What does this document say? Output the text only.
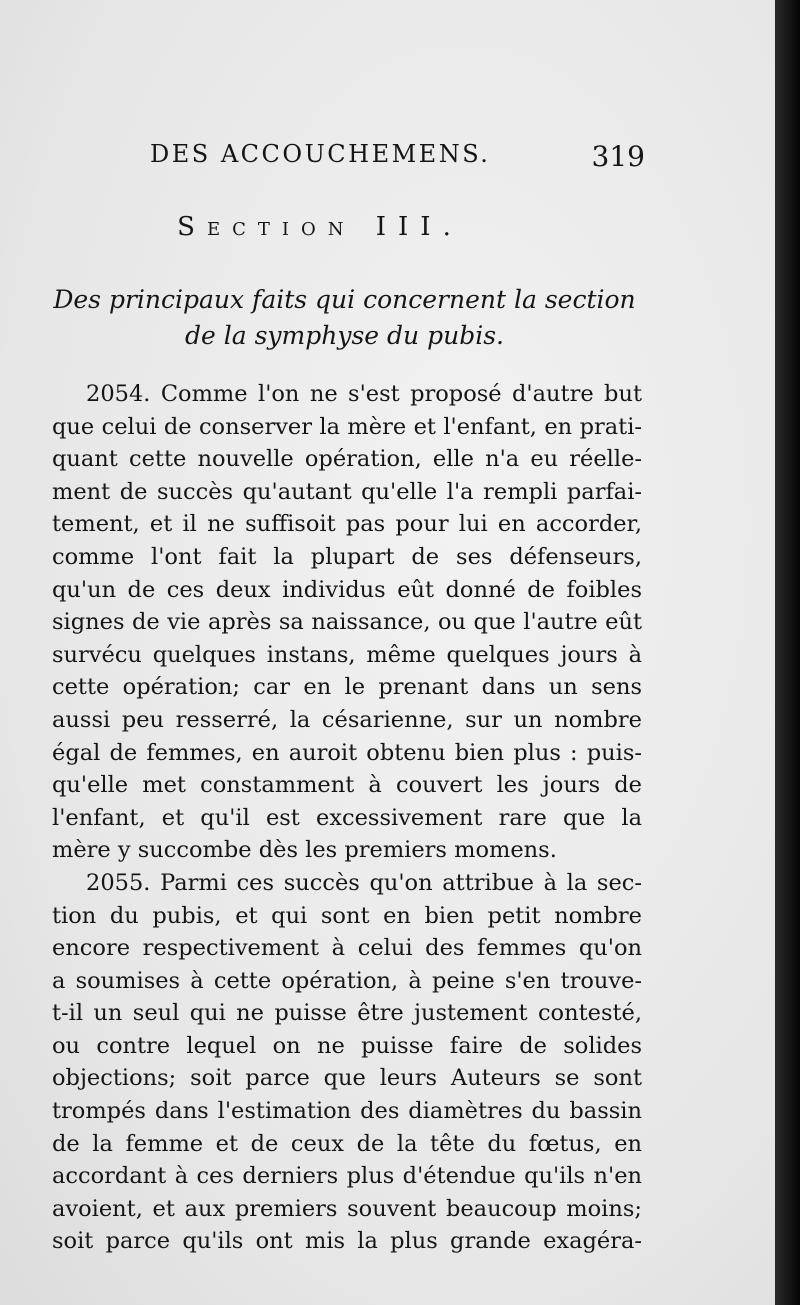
DES ACCOUCHEMENS.	319
Section III.
Des principaux faits qui concernent la section
de la symphyse du pubis.
2054. Comme l'on ne s'est proposé d'autre but
que celui de conserver la mère et l'enfant, en prati-
quant cette nouvelle opération, elle n'a eu réelle-
ment de succès qu'autant qu'elle l'a rempli parfai-
tement, et il ne suffisoit pas pour lui en accorder,
comme l'ont fait la plupart de ses défenseurs,
qu'un de ces deux individus eût donné de foibles
signes de vie après sa naissance, ou que l'autre eût
survécu quelques instans, même quelques jours à
cette opération; car en le prenant dans un sens
aussi peu resserré, la césarienne, sur un nombre
égal de femmes, en auroit obtenu bien plus : puis-
qu'elle met constamment à couvert les jours de
l'enfant, et qu'il est excessivement rare que la
mère y succombe dès les premiers momens.
2055. Parmi ces succès qu'on attribue à la sec-
tion du pubis, et qui sont en bien petit nombre
encore respectivement à celui des femmes qu'on
a soumises à cette opération, à peine s'en trouve-
t-il un seul qui ne puisse être justement contesté,
ou contre lequel on ne puisse faire de solides
objections; soit parce que leurs Auteurs se sont
trompés dans l'estimation des diamètres du bassin
de la femme et de ceux de la tête du fœtus, en
accordant à ces derniers plus d'étendue qu'ils n'en
avoient, et aux premiers souvent beaucoup moins;
soit parce qu'ils ont mis la plus grande exagéra-
